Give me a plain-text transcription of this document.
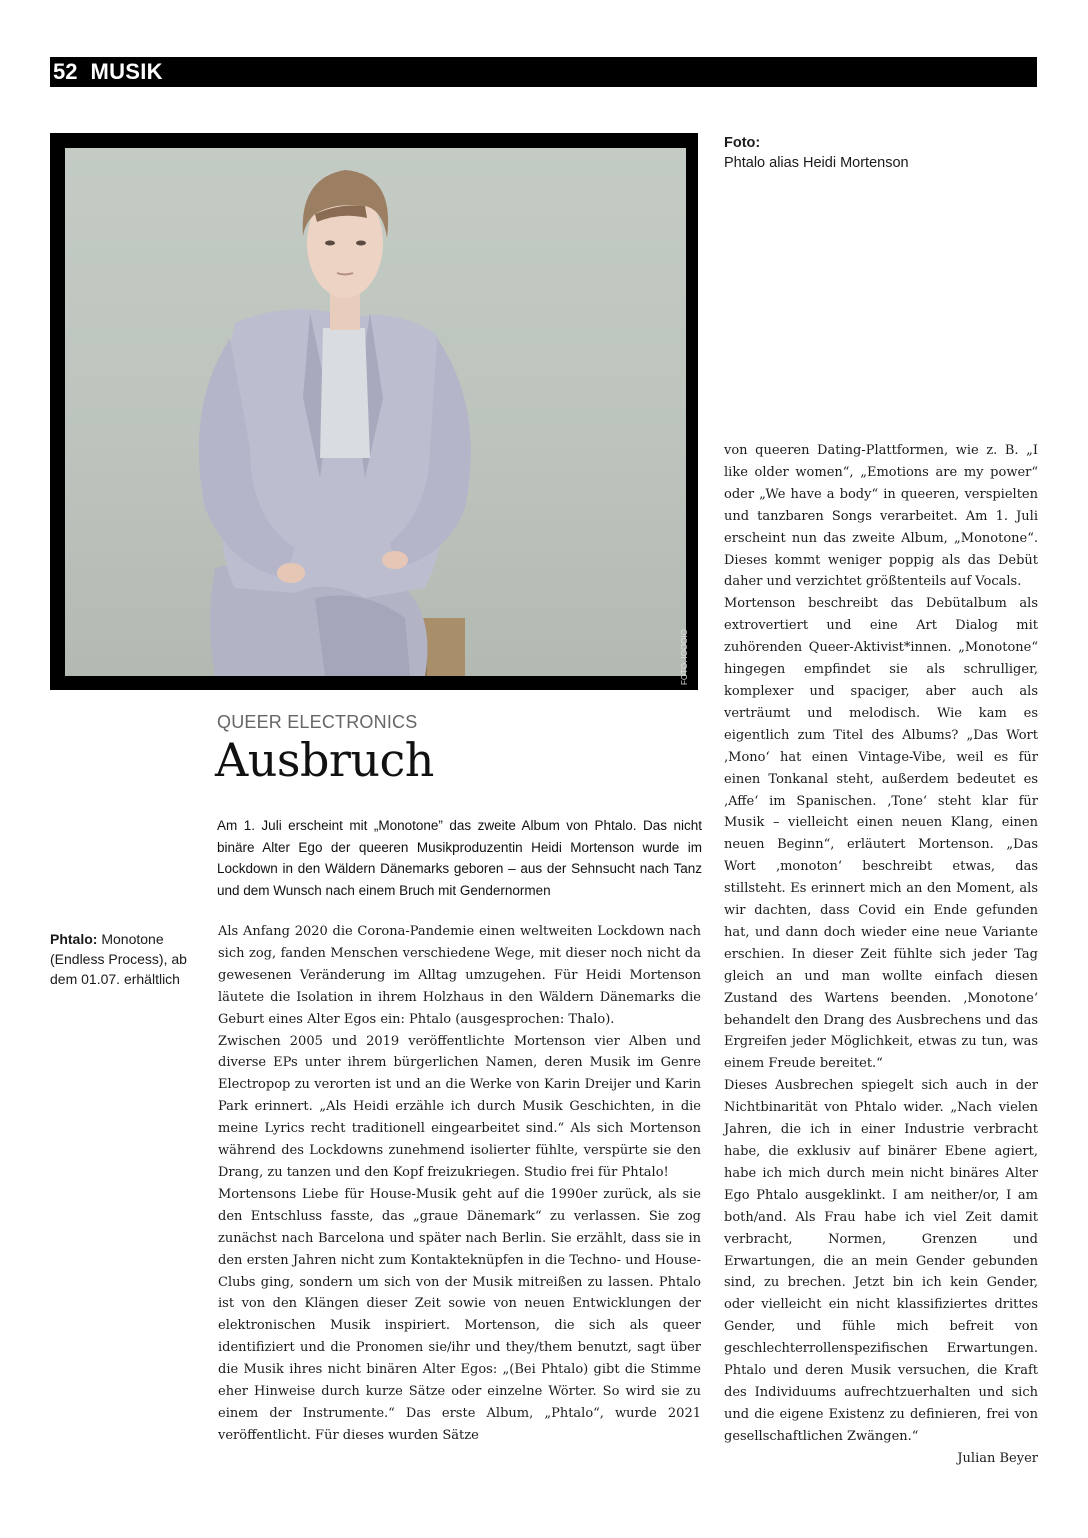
52 MUSIK
FOTO: IOOOIO
Foto:
Phtalo alias Heidi Mortenson
QUEER ELECTRONICS
Ausbruch
Am 1. Juli erscheint mit „Monotone” das zweite Album von Phtalo. Das nicht binäre Alter Ego der queeren Musikproduzentin Heidi Mortenson wurde im Lockdown in den Wäldern Dänemarks geboren – aus der Sehnsucht nach Tanz und dem Wunsch nach einem Bruch mit Gendernormen
Phtalo: Monotone (Endless Process), ab dem 01.07. erhältlich

Als Anfang 2020 die Corona-Pandemie einen weltweiten Lockdown nach sich zog, fanden Menschen verschiedene Wege, mit dieser noch nicht da gewesenen Veränderung im Alltag umzugehen. Für Heidi Mortenson läutete die Isolation in ihrem Holzhaus in den Wäldern Dänemarks die Geburt eines Alter Egos ein: Phtalo (ausgesprochen: Thalo).

Zwischen 2005 und 2019 veröffentlichte Mortenson vier Alben und diverse EPs unter ihrem bürgerlichen Namen, deren Musik im Genre Electropop zu verorten ist und an die Werke von Karin Dreijer und Karin Park erinnert. „Als Heidi erzähle ich durch Musik Geschichten, in die meine Lyrics recht traditionell eingearbeitet sind.“ Als sich Mortenson während des Lockdowns zunehmend isolierter fühlte, verspürte sie den Drang, zu tanzen und den Kopf freizukriegen. Studio frei für Phtalo!

Mortensons Liebe für House-Musik geht auf die 1990er zurück, als sie den Entschluss fasste, das „graue Dänemark“ zu verlassen. Sie zog zunächst nach Barcelona und später nach Berlin. Sie erzählt, dass sie in den ersten Jahren nicht zum Kontakteknüpfen in die Techno- und House-Clubs ging, sondern um sich von der Musik mitreißen zu lassen. Phtalo ist von den Klängen dieser Zeit sowie von neuen Entwicklungen der elektronischen Musik inspiriert. Mortenson, die sich als queer identifiziert und die Pronomen sie/ihr und they/them benutzt, sagt über die Musik ihres nicht binären Alter Egos: „(Bei Phtalo) gibt die Stimme eher Hinweise durch kurze Sätze oder einzelne Wörter. So wird sie zu einem der Instrumente.“ Das erste Album, „Phtalo“, wurde 2021 veröffentlicht. Für dieses wurden Sätze

von queeren Dating-Plattformen, wie z. B. „I like older women“, „Emotions are my power“ oder „We have a body“ in queeren, verspielten und tanzbaren Songs verarbeitet. Am 1. Juli erscheint nun das zweite Album, „Monotone“. Dieses kommt weniger poppig als das Debüt daher und verzichtet größtenteils auf Vocals.

Mortenson beschreibt das Debütalbum als extrovertiert und eine Art Dialog mit zuhörenden Queer-Aktivist*innen. „Monotone“ hingegen empfindet sie als schrulliger, komplexer und spaciger, aber auch als verträumt und melodisch. Wie kam es eigentlich zum Titel des Albums? „Das Wort ‚Mono‘ hat einen Vintage-Vibe, weil es für einen Tonkanal steht, außerdem bedeutet es ‚Affe‘ im Spanischen. ‚Tone‘ steht klar für Musik – vielleicht einen neuen Klang, einen neuen Beginn“, erläutert Mortenson. „Das Wort ‚monoton‘ beschreibt etwas, das stillsteht. Es erinnert mich an den Moment, als wir dachten, dass Covid ein Ende gefunden hat, und dann doch wieder eine neue Variante erschien. In dieser Zeit fühlte sich jeder Tag gleich an und man wollte einfach diesen Zustand des Wartens beenden. ‚Monotone‘ behandelt den Drang des Ausbrechens und das Ergreifen jeder Möglichkeit, etwas zu tun, was einem Freude bereitet.“

Dieses Ausbrechen spiegelt sich auch in der Nichtbinarität von Phtalo wider. „Nach vielen Jahren, die ich in einer Industrie verbracht habe, die exklusiv auf binärer Ebene agiert, habe ich mich durch mein nicht binäres Alter Ego Phtalo ausgeklinkt. I am neither/or, I am both/and. Als Frau habe ich viel Zeit damit verbracht, Normen, Grenzen und Erwartungen, die an mein Gender gebunden sind, zu brechen. Jetzt bin ich kein Gender, oder vielleicht ein nicht klassifiziertes drittes Gender, und fühle mich befreit von geschlechterrollenspezifischen Erwartungen. Phtalo und deren Musik versuchen, die Kraft des Individuums aufrechtzuerhalten und sich und die eigene Existenz zu definieren, frei von gesellschaftlichen Zwängen.“

Julian Beyer
